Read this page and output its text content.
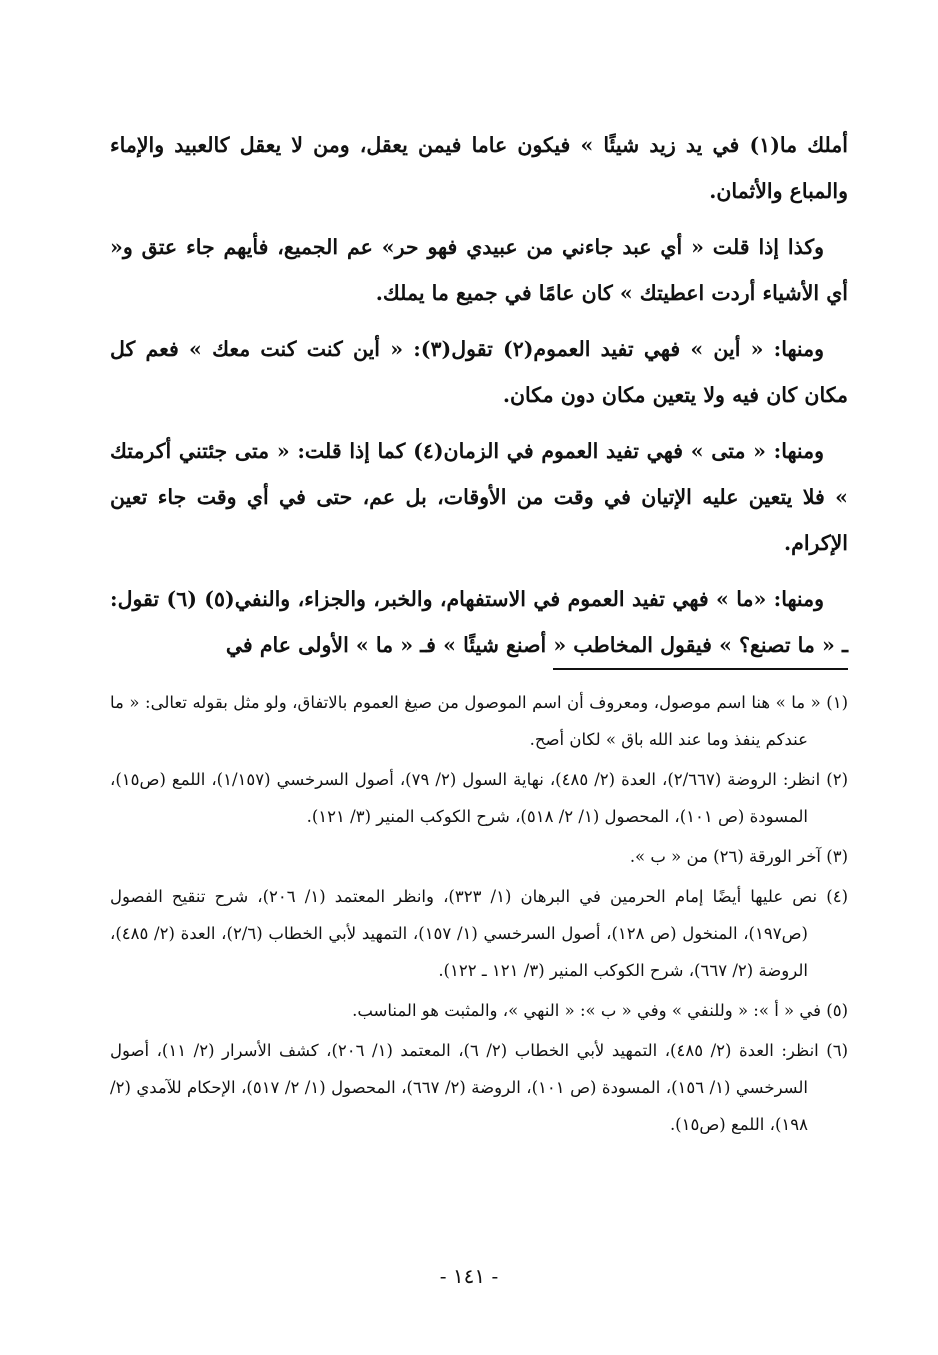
أملك ما(١) في يد زيد شيئًا » فيكون عاما فيمن يعقل، ومن لا يعقل كالعبيد والإماء والمباع والأثمان.

وكذا إذا قلت « أي عبد جاءني من عبيدي فهو حر» عم الجميع، فأيهم جاء عتق و« أي الأشياء أردت اعطيتك » كان عامًا في جميع ما يملك.

ومنها: « أين » فهي تفيد العموم(٢) تقول(٣): « أين كنت كنت معك » فعم كل مكان كان فيه ولا يتعين مكان دون مكان.

ومنها: « متى » فهي تفيد العموم في الزمان(٤) كما إذا قلت: « متى جئتني أكرمتك » فلا يتعين عليه الإتيان في وقت من الأوقات، بل عم، حتى في أي وقت جاء تعين الإكرام.

ومنها: «ما » فهي تفيد العموم في الاستفهام، والخبر، والجزاء، والنفي(٥) (٦) تقول: ـ « ما تصنع؟ » فيقول المخاطب « أصنع شيئًا » فـ « ما » الأولى عام في

(١) « ما » هنا اسم موصول، ومعروف أن اسم الموصول من صيغ العموم بالاتفاق، ولو مثل بقوله تعالى: « ما عندكم ينفذ وما عند الله باق » لكان أصح.

(٢) انظر: الروضة (٢/٦٦٧)، العدة (٢/ ٤٨٥)، نهاية السول (٢/ ٧٩)، أصول السرخسي (١/١٥٧)، اللمع (ص١٥)، المسودة (ص ١٠١)، المحصول (١/ ٢/ ٥١٨)، شرح الكوكب المنير (٣/ ١٢١).

(٣) آخر الورقة (٢٦) من « ب ».

(٤) نص عليها أيضًا إمام الحرمين في البرهان (١/ ٣٢٣)، وانظر المعتمد (١/ ٢٠٦)، شرح تنقيح الفصول (ص١٩٧)، المنخول (ص ١٢٨)، أصول السرخسي (١/ ١٥٧)، التمهيد لأبي الخطاب (٢/٦)، العدة (٢/ ٤٨٥)، الروضة (٢/ ٦٦٧)، شرح الكوكب المنير (٣/ ١٢١ ـ ١٢٢).

(٥) في « أ »: « وللنفي » وفي « ب »: « النهي »، والمثبت هو المناسب.

(٦) انظر: العدة (٢/ ٤٨٥)، التمهيد لأبي الخطاب (٢/ ٦)، المعتمد (١/ ٢٠٦)، كشف الأسرار (٢/ ١١)، أصول السرخسي (١/ ١٥٦)، المسودة (ص ١٠١)، الروضة (٢/ ٦٦٧)، المحصول (١/ ٢/ ٥١٧)، الإحكام للآمدي (٢/ ١٩٨)، اللمع (ص١٥).

- ١٤١ -
